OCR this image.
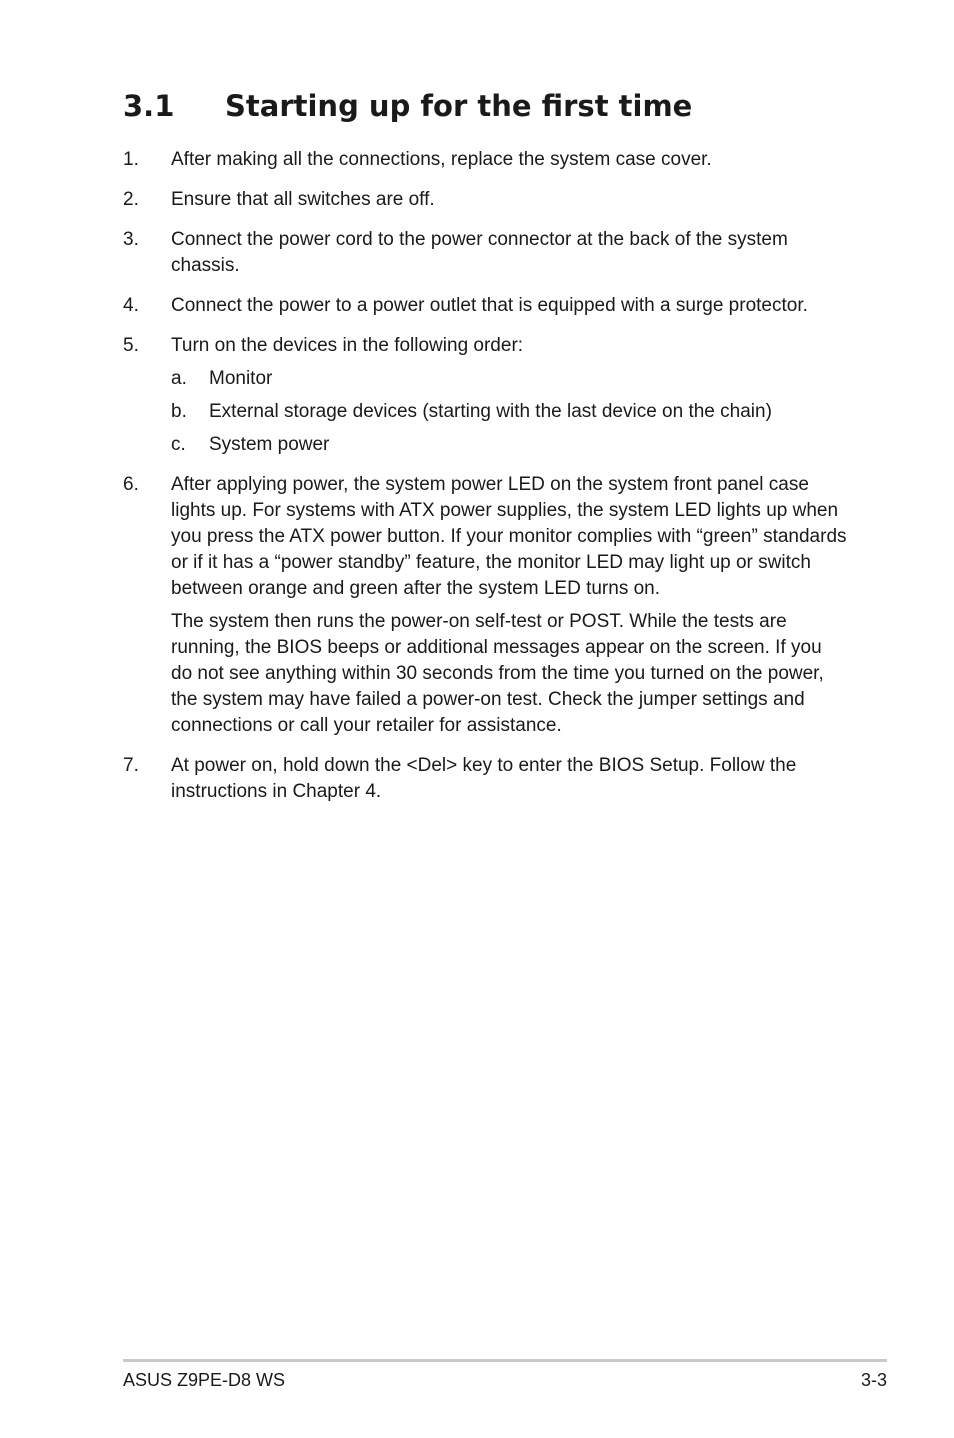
3.1 Starting up for the first time
1. After making all the connections, replace the system case cover.

2. Ensure that all switches are off.

3. Connect the power cord to the power connector at the back of the system chassis.

4. Connect the power to a power outlet that is equipped with a surge protector.

5. Turn on the devices in the following order:

a. Monitor
b. External storage devices (starting with the last device on the chain)
c. System power
6. After applying power, the system power LED on the system front panel case lights up. For systems with ATX power supplies, the system LED lights up when you press the ATX power button. If your monitor complies with “green” standards or if it has a “power standby” feature, the monitor LED may light up or switch between orange and green after the system LED turns on.

The system then runs the power-on self-test or POST. While the tests are running, the BIOS beeps or additional messages appear on the screen. If you do not see anything within 30 seconds from the time you turned on the power, the system may have failed a power-on test. Check the jumper settings and connections or call your retailer for assistance.

7. At power on, hold down the <Del> key to enter the BIOS Setup. Follow the instructions in Chapter 4.

ASUS Z9PE-D8 WS	3-3
